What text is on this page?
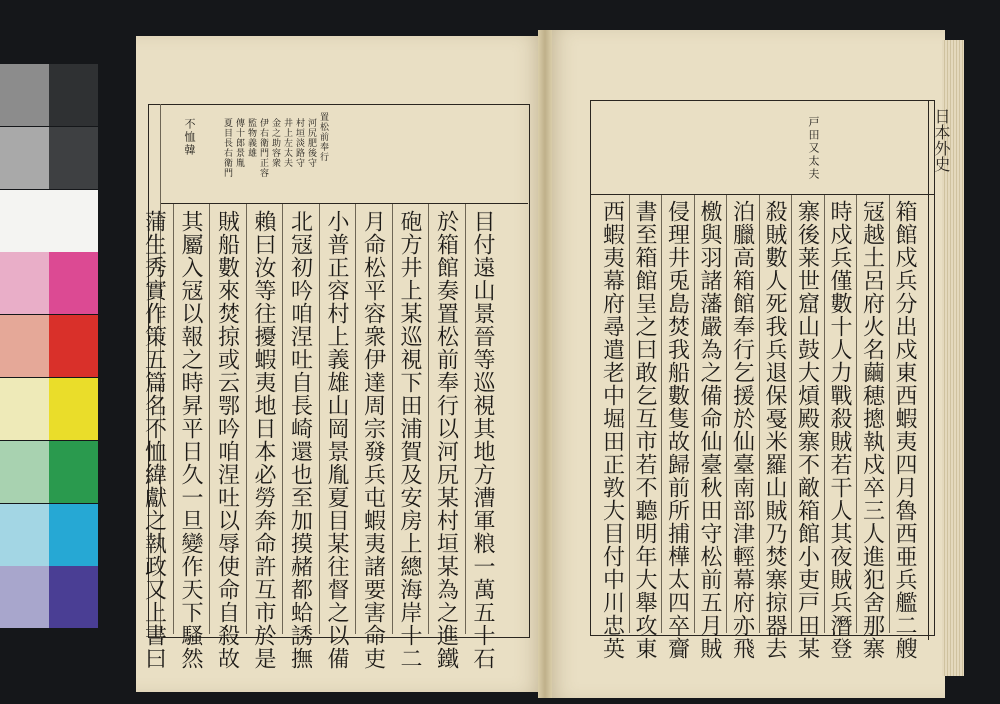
置松前奉行
河尻肥後守
村垣淡路守
井上左太夫
金之助容衆
伊右衛門正容
監物義雄
傳十郎景胤
夏目長右衛門
不恤韓
目付遠山景晉等巡視其地方漕軍粮一萬五十石
於箱館奏置松前奉行以河尻某村垣某為之進鐵
砲方井上某巡視下田浦賀及安房上總海岸十二
月命松平容衆伊達周宗發兵屯蝦夷諸要害命吏
小普正容村上義雄山岡景胤夏目某往督之以備
北冦初吟咱涅吐自長崎還也至加摸赭都蛤誘撫
賴曰汝等往擾蝦夷地日本必勞奔命許互市於是
賊船數來焚掠或云鄂吟咱涅吐以辱使命自殺故
其屬入冦以報之時昇平日久一旦變作天下騷然
蒲生秀實作策五篇名不恤緯獻之執政又上書曰
戸田又太夫
箱館戍兵分出戍東西蝦夷四月魯西亜兵艦二艘
冦越土呂府火名繭穂摠執戍卒三人進犯舍那寨
時戍兵僅數十人力戰殺賊若干人其夜賊兵潛登
寨後莱世窟山鼓大熕殿寨不敵箱館小吏戸田某
殺賊數人死我兵退保戞米羅山賊乃焚寨掠器去
泊臘高箱館奉行乞援於仙臺南部津輕幕府亦飛
檄與羽諸藩嚴為之備命仙臺秋田守松前五月賊
侵理井兎島焚我船數隻故歸前所捕樺太四卒齎
書至箱館呈之曰敢乞互市若不聽明年大舉攻東
西蝦夷幕府尋遣老中堀田正敦大目付中川忠英
日本外史
